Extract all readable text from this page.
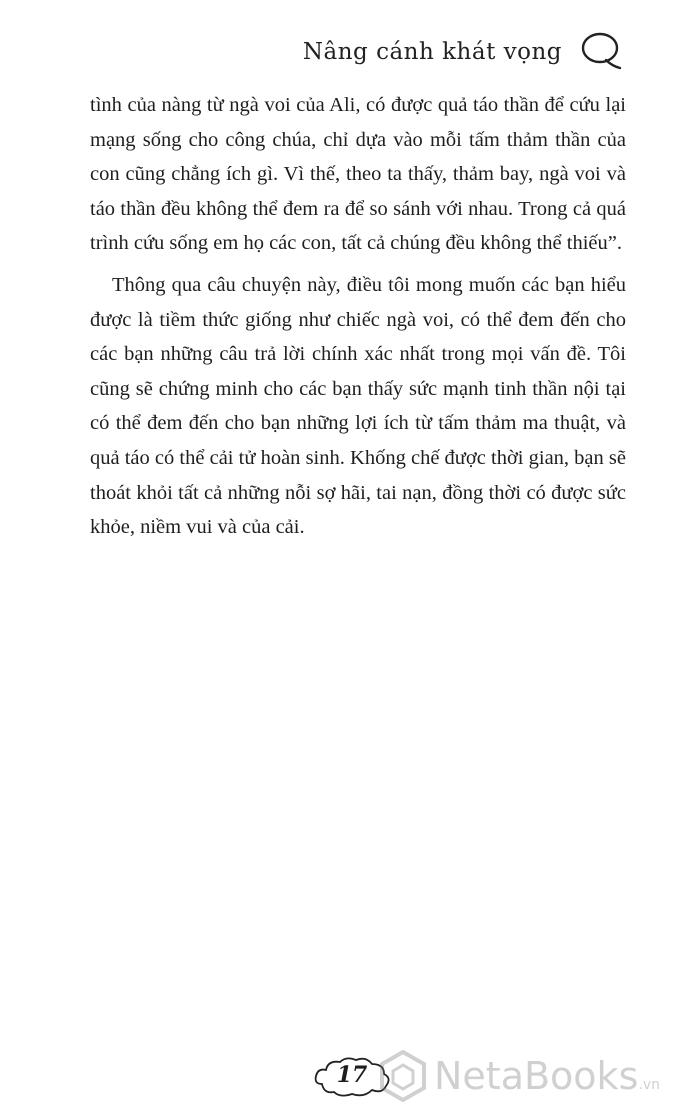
Nâng cánh khát vọng

tình của nàng từ ngà voi của Ali, có được quả táo thần để cứu lại mạng sống cho công chúa, chỉ dựa vào mỗi tấm thảm thần của con cũng chẳng ích gì. Vì thế, theo ta thấy, thảm bay, ngà voi và táo thần đều không thể đem ra để so sánh với nhau. Trong cả quá trình cứu sống em họ các con, tất cả chúng đều không thể thiếu”.

Thông qua câu chuyện này, điều tôi mong muốn các bạn hiểu được là tiềm thức giống như chiếc ngà voi, có thể đem đến cho các bạn những câu trả lời chính xác nhất trong mọi vấn đề. Tôi cũng sẽ chứng minh cho các bạn thấy sức mạnh tinh thần nội tại có thể đem đến cho bạn những lợi ích từ tấm thảm ma thuật, và quả táo có thể cải tử hoàn sinh. Khống chế được thời gian, bạn sẽ thoát khỏi tất cả những nỗi sợ hãi, tai nạn, đồng thời có được sức khỏe, niềm vui và của cải.

17	NetaBooks .vn
